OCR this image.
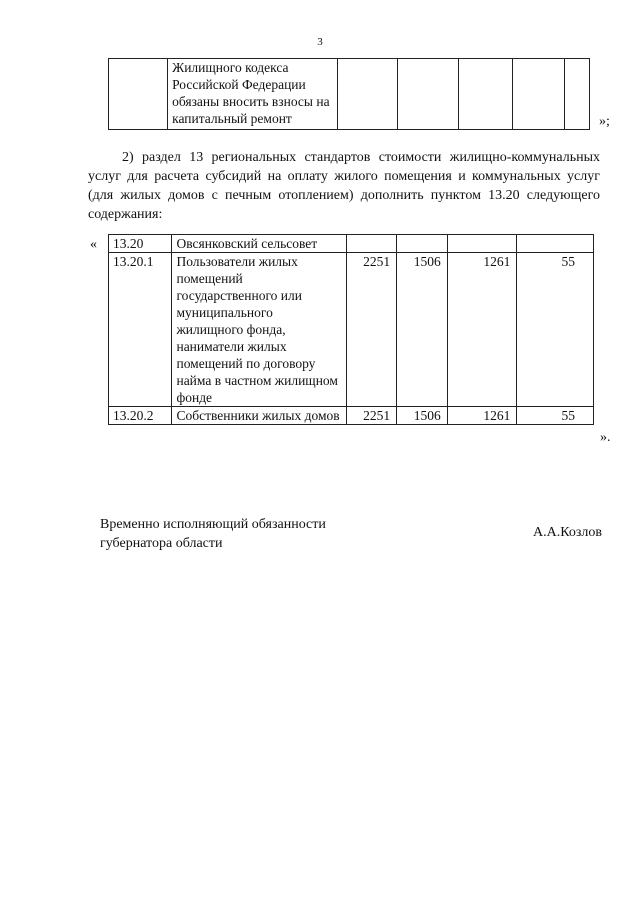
3
	Жилищного кодекса Российской Федерации обязаны вносить взносы на капитальный ремонт						»;
2) раздел 13 региональных стандартов стоимости жилищно-коммунальных услуг для расчета субсидий на оплату жилого помещения и коммунальных услуг (для жилых домов с печным отоплением) дополнить пунктом 13.20 следующего содержания:
« 13.20	Овсянковский сельсовет				
13.20.1	Пользователи жилых помещений государственного или муниципального жилищного фонда, наниматели жилых помещений по договору найма в частном жилищном фонде	2251	1506	1261	55
13.20.2	Собственники жилых домов	2251	1506	1261	55
».
Временно исполняющий обязанности
губернатора области
А.А.Козлов
